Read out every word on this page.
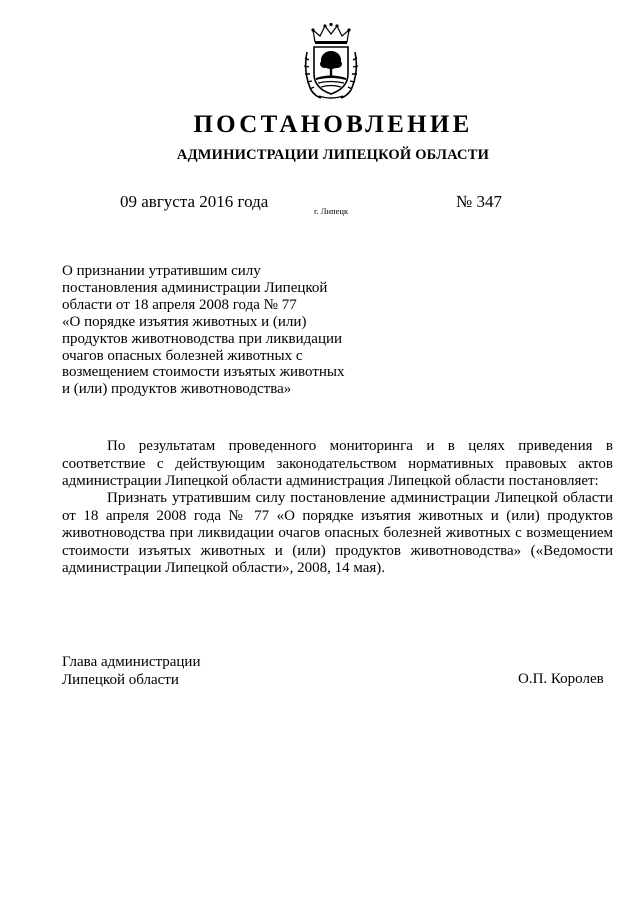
ПОСТАНОВЛЕНИЕ
АДМИНИСТРАЦИИ ЛИПЕЦКОЙ ОБЛАСТИ
09 августа 2016 года	г. Липецк	№ 347
О признании утратившим силу
постановления администрации Липецкой
области от 18 апреля 2008 года № 77
«О порядке изъятия животных и (или)
продуктов животноводства при ликвидации
очагов опасных болезней животных с
возмещением стоимости изъятых животных
и (или) продуктов животноводства»
По результатам проведенного мониторинга и в целях приведения в соответствие с действующим законодательством нормативных правовых актов администрации Липецкой области администрация Липецкой области постановляет:
Признать утратившим силу постановление администрации Липецкой области от 18 апреля 2008 года № 77 «О порядке изъятия животных и (или) продуктов животноводства при ликвидации очагов опасных болезней животных с возмещением стоимости изъятых животных и (или) продуктов животноводства» («Ведомости администрации Липецкой области», 2008, 14 мая).
Глава администрации
Липецкой области	О.П. Королев
